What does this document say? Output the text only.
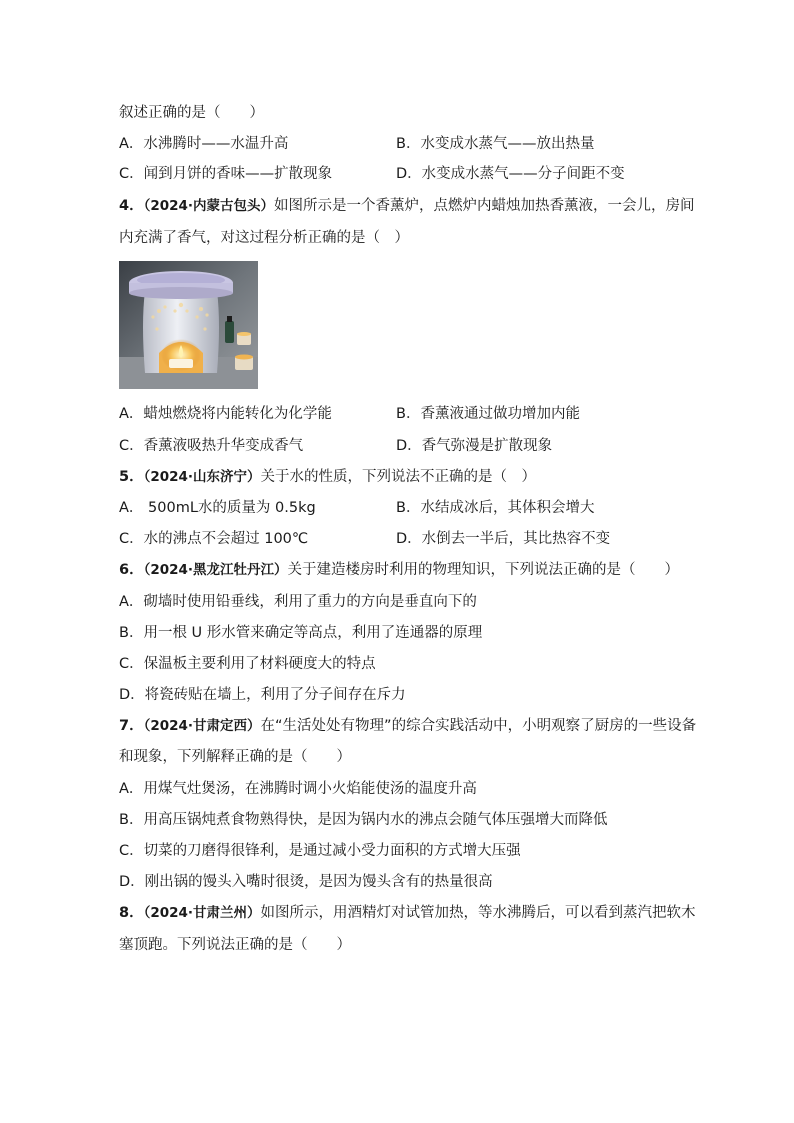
叙述正确的是（　　）
A．水沸腾时——水温升高	B．水变成水蒸气——放出热量
C．闻到月饼的香味——扩散现象	D．水变成水蒸气——分子间距不变
4．（2024·内蒙古包头）如图所示是一个香薰炉，点燃炉内蜡烛加热香薰液，一会儿，房间
内充满了香气，对这过程分析正确的是（　）
A．蜡烛燃烧将内能转化为化学能	B．香薰液通过做功增加内能
C．香薰液吸热升华变成香气	D．香气弥漫是扩散现象
5．（2024·山东济宁）关于水的性质，下列说法不正确的是（　）
A． 500mL水的质量为 0.5kg	B．水结成冰后，其体积会增大
C．水的沸点不会超过 100℃	D．水倒去一半后，其比热容不变
6．（2024·黑龙江牡丹江）关于建造楼房时利用的物理知识，下列说法正确的是（　　）
A．砌墙时使用铅垂线，利用了重力的方向是垂直向下的
B．用一根 U 形水管来确定等高点，利用了连通器的原理
C．保温板主要利用了材料硬度大的特点
D．将瓷砖贴在墙上，利用了分子间存在斥力
7．（2024·甘肃定西）在“生活处处有物理”的综合实践活动中，小明观察了厨房的一些设备
和现象，下列解释正确的是（　　）
A．用煤气灶煲汤，在沸腾时调小火焰能使汤的温度升高
B．用高压锅炖煮食物熟得快，是因为锅内水的沸点会随气体压强增大而降低
C．切菜的刀磨得很锋利，是通过减小受力面积的方式增大压强
D．刚出锅的馒头入嘴时很烫，是因为馒头含有的热量很高
8．（2024·甘肃兰州）如图所示，用酒精灯对试管加热，等水沸腾后，可以看到蒸汽把软木
塞顶跑。下列说法正确的是（　　）
